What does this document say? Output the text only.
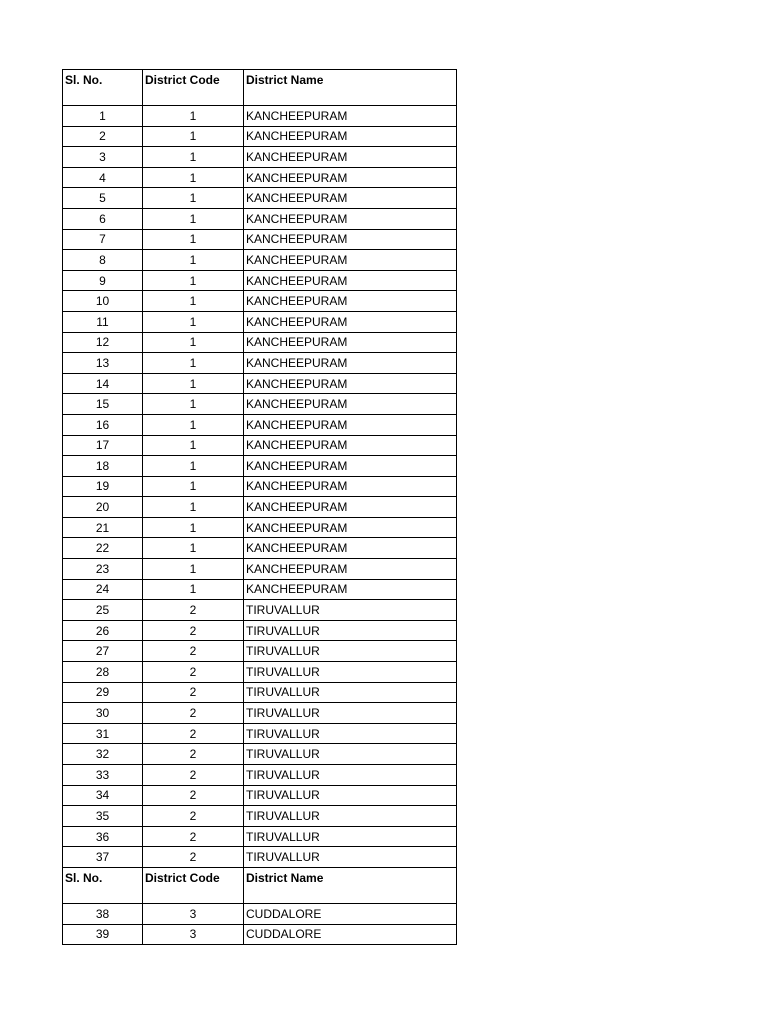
Sl. No.	District Code	District Name
1	1	KANCHEEPURAM
2	1	KANCHEEPURAM
3	1	KANCHEEPURAM
4	1	KANCHEEPURAM
5	1	KANCHEEPURAM
6	1	KANCHEEPURAM
7	1	KANCHEEPURAM
8	1	KANCHEEPURAM
9	1	KANCHEEPURAM
10	1	KANCHEEPURAM
11	1	KANCHEEPURAM
12	1	KANCHEEPURAM
13	1	KANCHEEPURAM
14	1	KANCHEEPURAM
15	1	KANCHEEPURAM
16	1	KANCHEEPURAM
17	1	KANCHEEPURAM
18	1	KANCHEEPURAM
19	1	KANCHEEPURAM
20	1	KANCHEEPURAM
21	1	KANCHEEPURAM
22	1	KANCHEEPURAM
23	1	KANCHEEPURAM
24	1	KANCHEEPURAM
25	2	TIRUVALLUR
26	2	TIRUVALLUR
27	2	TIRUVALLUR
28	2	TIRUVALLUR
29	2	TIRUVALLUR
30	2	TIRUVALLUR
31	2	TIRUVALLUR
32	2	TIRUVALLUR
33	2	TIRUVALLUR
34	2	TIRUVALLUR
35	2	TIRUVALLUR
36	2	TIRUVALLUR
37	2	TIRUVALLUR
Sl. No.	District Code	District Name
38	3	CUDDALORE
39	3	CUDDALORE
